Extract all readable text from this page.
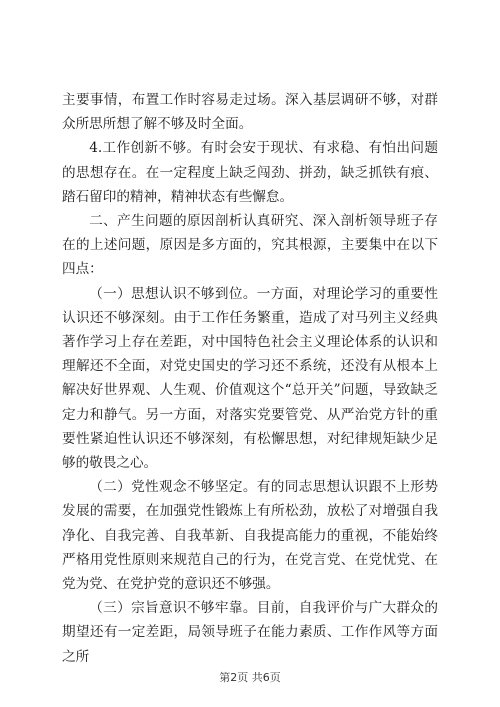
主要事情，布置工作时容易走过场。深入基层调研不够，对群众所思所想了解不够及时全面。

4.工作创新不够。有时会安于现状、有求稳、有怕出问题的思想存在。在一定程度上缺乏闯劲、拼劲，缺乏抓铁有痕、踏石留印的精神，精神状态有些懈怠。

二、产生问题的原因剖析认真研究、深入剖析领导班子存在的上述问题，原因是多方面的，究其根源，主要集中在以下四点：

（一）思想认识不够到位。一方面，对理论学习的重要性认识还不够深刻。由于工作任务繁重，造成了对马列主义经典著作学习上存在差距，对中国特色社会主义理论体系的认识和理解还不全面，对党史国史的学习还不系统，还没有从根本上解决好世界观、人生观、价值观这个“总开关”问题，导致缺乏定力和静气。另一方面，对落实党要管党、从严治党方针的重要性紧迫性认识还不够深刻，有松懈思想，对纪律规矩缺少足够的敬畏之心。

（二）党性观念不够坚定。有的同志思想认识跟不上形势发展的需要，在加强党性锻炼上有所松劲，放松了对增强自我净化、自我完善、自我革新、自我提高能力的重视，不能始终严格用党性原则来规范自己的行为，在党言党、在党忧党、在党为党、在党护党的意识还不够强。

（三）宗旨意识不够牢靠。目前，自我评价与广大群众的期望还有一定差距，局领导班子在能力素质、工作作风等方面之所

第2页 共6页
